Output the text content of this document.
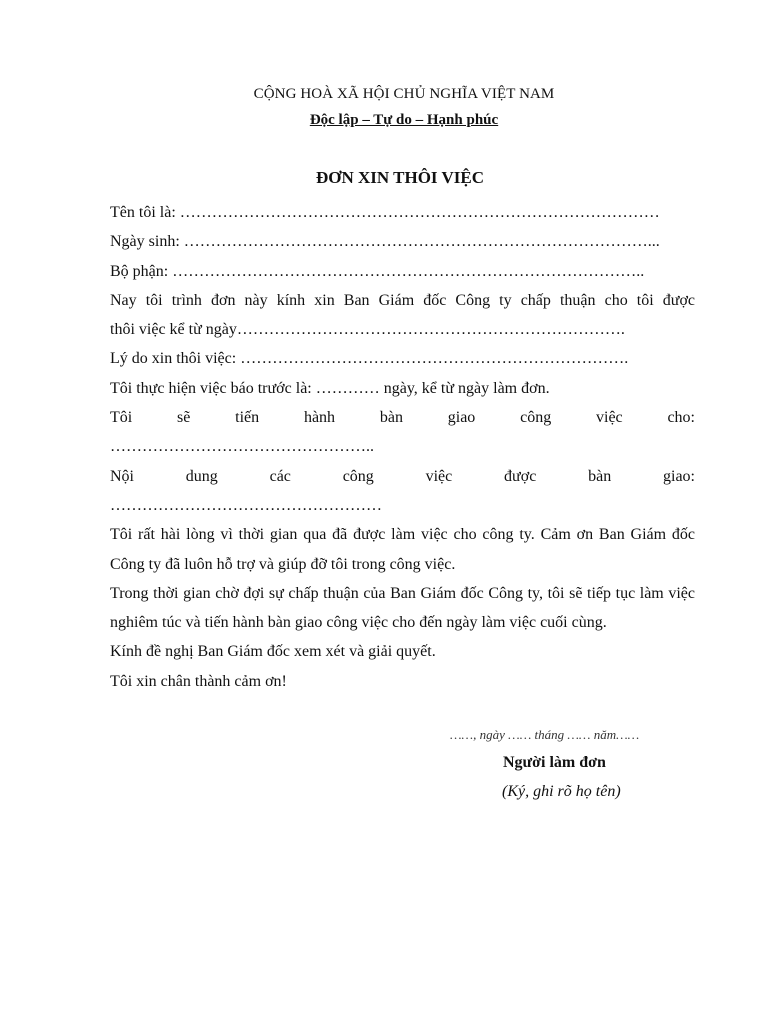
CỘNG HOÀ XÃ HỘI CHỦ NGHĨA VIỆT NAM
Độc lập – Tự do – Hạnh phúc
ĐƠN XIN THÔI VIỆC

Tên tôi là: ………………………………………………………………………………

Ngày sinh: ……………………………………………………………………………...

Bộ phận: ……………………………………………………………………………..

Nay tôi trình đơn này kính xin Ban Giám đốc Công ty chấp thuận cho tôi được

thôi việc kể từ ngày……………………………………………………………….

Lý do xin thôi việc: ……………………………………………………………….

Tôi thực hiện việc báo trước là: ………… ngày, kể từ ngày làm đơn.

Tôi sẽ tiến hành bàn giao công việc cho:

…………………………………………..

Nội dung các công việc được bàn giao:

……………………………………………

Tôi rất hài lòng vì thời gian qua đã được làm việc cho công ty. Cảm ơn Ban Giám đốc Công ty đã luôn hỗ trợ và giúp đỡ tôi trong công việc.

Trong thời gian chờ đợi sự chấp thuận của Ban Giám đốc Công ty, tôi sẽ tiếp tục làm việc nghiêm túc và tiến hành bàn giao công việc cho đến ngày làm việc cuối cùng.

Kính đề nghị Ban Giám đốc xem xét và giải quyết.

Tôi xin chân thành cảm ơn!

……, ngày …… tháng …… năm……
Người làm đơn
(Ký, ghi rõ họ tên)
